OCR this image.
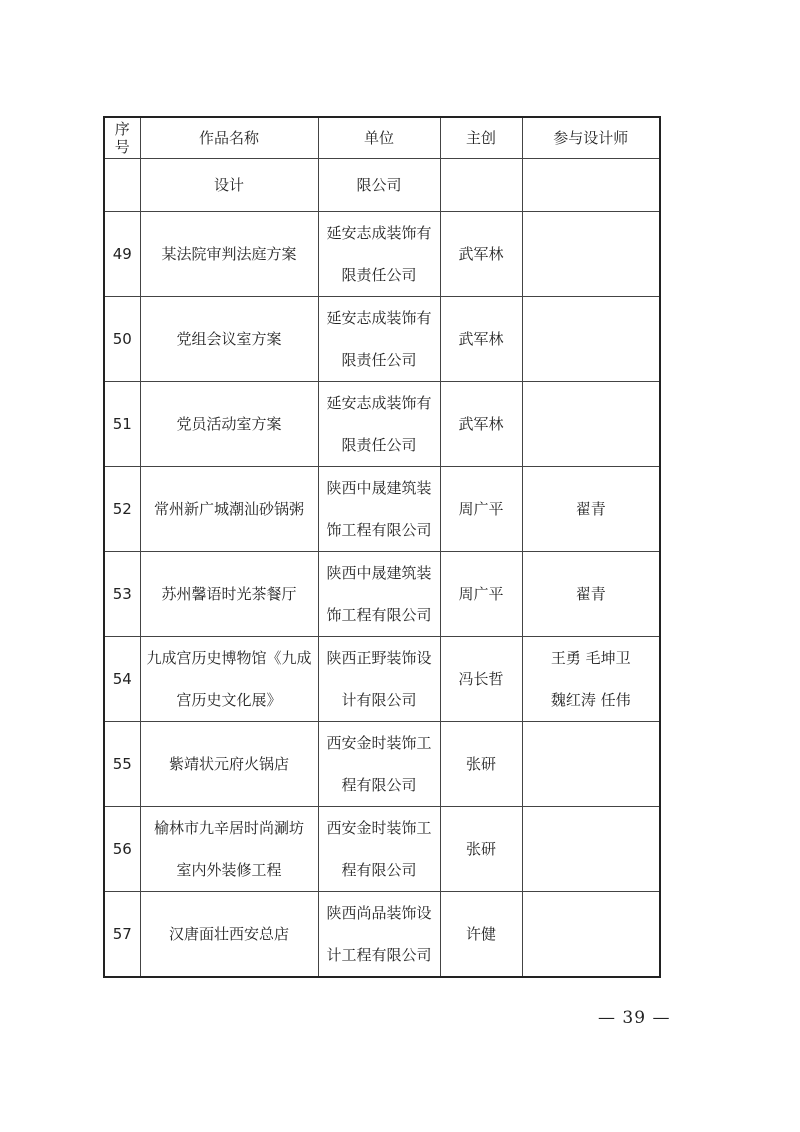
序
号	作品名称	单位	主创	参与设计师
	设计	限公司		

49	某法院审判法庭方案	延安志成装饰有
限责任公司	武军林	

50	党组会议室方案	延安志成装饰有
限责任公司	武军林	

51	党员活动室方案	延安志成装饰有
限责任公司	武军林	

52	常州新广城潮汕砂锅粥	陕西中晟建筑装
饰工程有限公司	周广平	翟青

53	苏州馨语时光茶餐厅	陕西中晟建筑装
饰工程有限公司	周广平	翟青

54	九成宫历史博物馆《九成
宫历史文化展》	陕西正野装饰设
计有限公司	冯长哲	王勇 毛坤卫
魏红涛 任伟

55	紫靖状元府火锅店	西安金时装饰工
程有限公司	张研	

56	榆林市九辛居时尚涮坊
室内外装修工程	西安金时装饰工
程有限公司	张研	

57	汉唐面壮西安总店	陕西尚品装饰设
计工程有限公司	许健	

— 39 —
